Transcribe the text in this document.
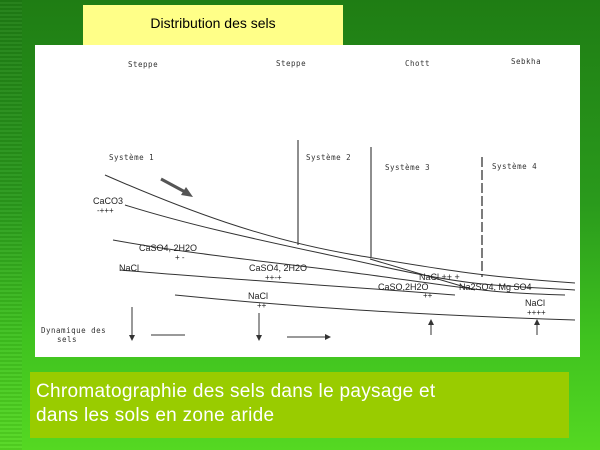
Distribution des sels
Steppe	Steppe	Chott	Sebkha
Système 1	Système 2
Système 3	Système 4
CaCO3
-+++
CaSO4, 2H2O
+ -
NaCl	CaSO4, 2H2O
++-+
NaCl
++
NaCl ++ +
CaSO,2H2O
++
Na2SO4, Mg SO4
NaCl
++++
Dynamique des
sels
Chromatographie des sels dans le paysage et
dans les sols en zone aride
